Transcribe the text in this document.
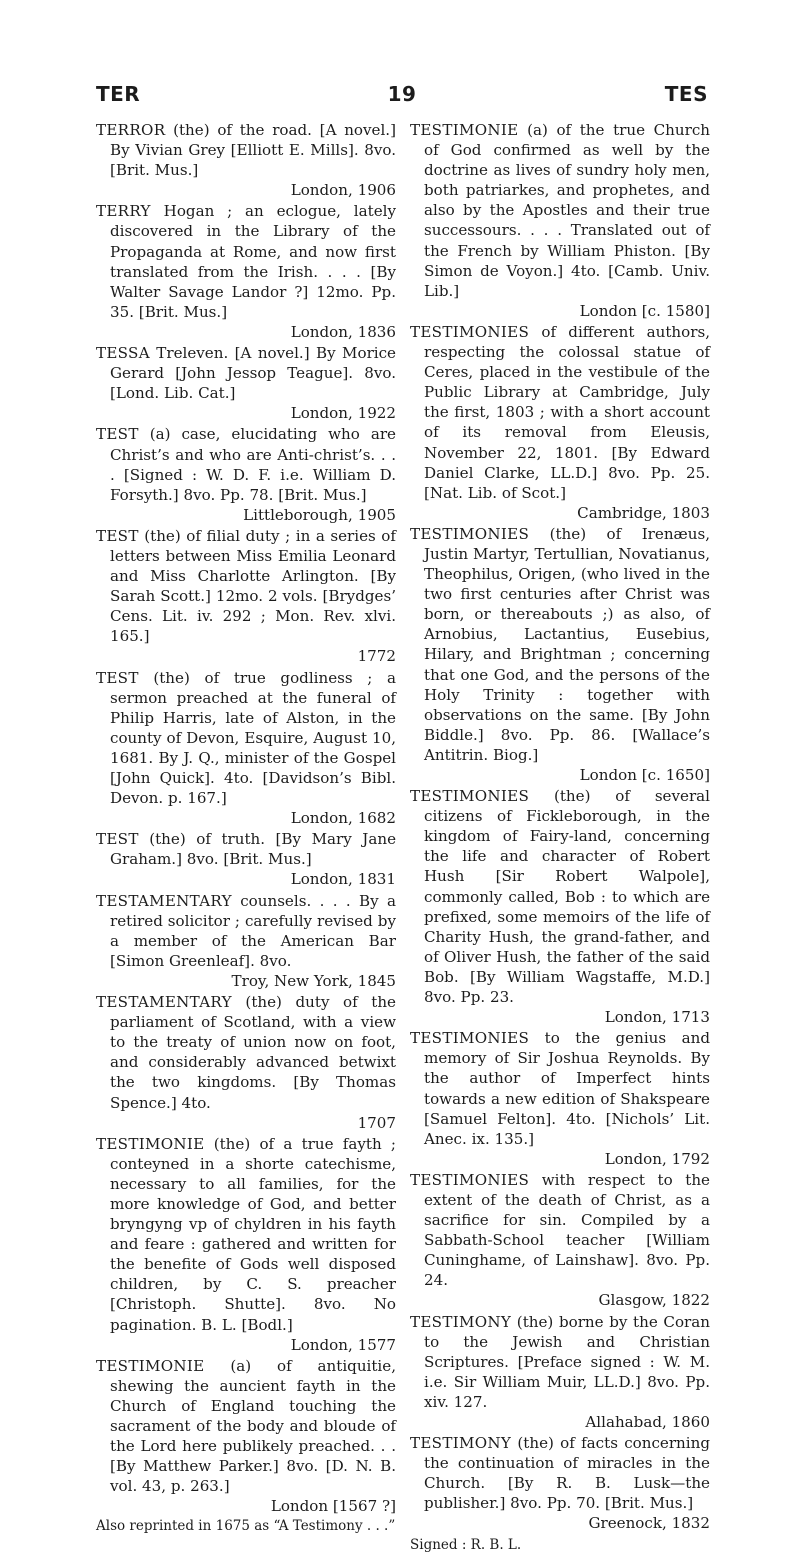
TER	19	TES

TERROR (the) of the road. [A novel.] By Vivian Grey [Elliott E. Mills]. 8vo. [Brit. Mus.]
London, 1906

TERRY Hogan ; an eclogue, lately discovered in the Library of the Propaganda at Rome, and now first translated from the Irish. . . . [By Walter Savage Landor ?] 12mo. Pp. 35. [Brit. Mus.]
London, 1836

TESSA Treleven. [A novel.] By Morice Gerard [John Jessop Teague]. 8vo. [Lond. Lib. Cat.]
London, 1922

TEST (a) case, elucidating who are Christ’s and who are Anti-christ’s. . . . [Signed : W. D. F. i.e. William D. Forsyth.] 8vo. Pp. 78. [Brit. Mus.]
Littleborough, 1905

TEST (the) of filial duty ; in a series of letters between Miss Emilia Leonard and Miss Charlotte Arlington. [By Sarah Scott.] 12mo. 2 vols. [Brydges’ Cens. Lit. iv. 292 ; Mon. Rev. xlvi. 165.]
1772

TEST (the) of true godliness ; a sermon preached at the funeral of Philip Harris, late of Alston, in the county of Devon, Esquire, August 10, 1681. By J. Q., minister of the Gospel [John Quick]. 4to. [Davidson’s Bibl. Devon. p. 167.]
London, 1682

TEST (the) of truth. [By Mary Jane Graham.] 8vo. [Brit. Mus.]
London, 1831

TESTAMENTARY counsels. . . . By a retired solicitor ; carefully revised by a member of the American Bar [Simon Greenleaf]. 8vo.
Troy, New York, 1845

TESTAMENTARY (the) duty of the parliament of Scotland, with a view to the treaty of union now on foot, and considerably advanced betwixt the two kingdoms. [By Thomas Spence.] 4to.
1707

TESTIMONIE (the) of a true fayth ; conteyned in a shorte catechisme, necessary to all families, for the more knowledge of God, and better bryngyng vp of chyldren in his fayth and feare : gathered and written for the benefite of Gods well disposed children, by C. S. preacher [Christoph. Shutte]. 8vo. No pagination. B. L. [Bodl.]
London, 1577

TESTIMONIE (a) of antiquitie, shewing the auncient fayth in the Church of England touching the sacrament of the body and bloude of the Lord here publikely preached. . . [By Matthew Parker.] 8vo. [D. N. B. vol. 43, p. 263.]
London [1567 ?]
Also reprinted in 1675 as “A Testimony . . .”

TESTIMONIE (a) of the true Church of God confirmed as well by the doctrine as lives of sundry holy men, both patriarkes, and prophetes, and also by the Apostles and their true successours. . . . Translated out of the French by William Phiston. [By Simon de Voyon.] 4to. [Camb. Univ. Lib.]
London [c. 1580]

TESTIMONIES of different authors, respecting the colossal statue of Ceres, placed in the vestibule of the Public Library at Cambridge, July the first, 1803 ; with a short account of its removal from Eleusis, November 22, 1801. [By Edward Daniel Clarke, LL.D.] 8vo. Pp. 25. [Nat. Lib. of Scot.]
Cambridge, 1803

TESTIMONIES (the) of Irenæus, Justin Martyr, Tertullian, Novatianus, Theophilus, Origen, (who lived in the two first centuries after Christ was born, or thereabouts ;) as also, of Arnobius, Lactantius, Eusebius, Hilary, and Brightman ; concerning that one God, and the persons of the Holy Trinity : together with observations on the same. [By John Biddle.] 8vo. Pp. 86. [Wallace’s Antitrin. Biog.]
London [c. 1650]

TESTIMONIES (the) of several citizens of Fickleborough, in the kingdom of Fairy-land, concerning the life and character of Robert Hush [Sir Robert Walpole], commonly called, Bob : to which are prefixed, some memoirs of the life of Charity Hush, the grand-father, and of Oliver Hush, the father of the said Bob. [By William Wagstaffe, M.D.] 8vo. Pp. 23.
London, 1713

TESTIMONIES to the genius and memory of Sir Joshua Reynolds. By the author of Imperfect hints towards a new edition of Shakspeare [Samuel Felton]. 4to. [Nichols’ Lit. Anec. ix. 135.]
London, 1792

TESTIMONIES with respect to the extent of the death of Christ, as a sacrifice for sin. Compiled by a Sabbath-School teacher [William Cuninghame, of Lainshaw]. 8vo. Pp. 24.
Glasgow, 1822

TESTIMONY (the) borne by the Coran to the Jewish and Christian Scriptures. [Preface signed : W. M. i.e. Sir William Muir, LL.D.] 8vo. Pp. xiv. 127.
Allahabad, 1860

TESTIMONY (the) of facts concerning the continuation of miracles in the Church. [By R. B. Lusk—the publisher.] 8vo. Pp. 70. [Brit. Mus.]
Greenock, 1832

Signed : R. B. L.
